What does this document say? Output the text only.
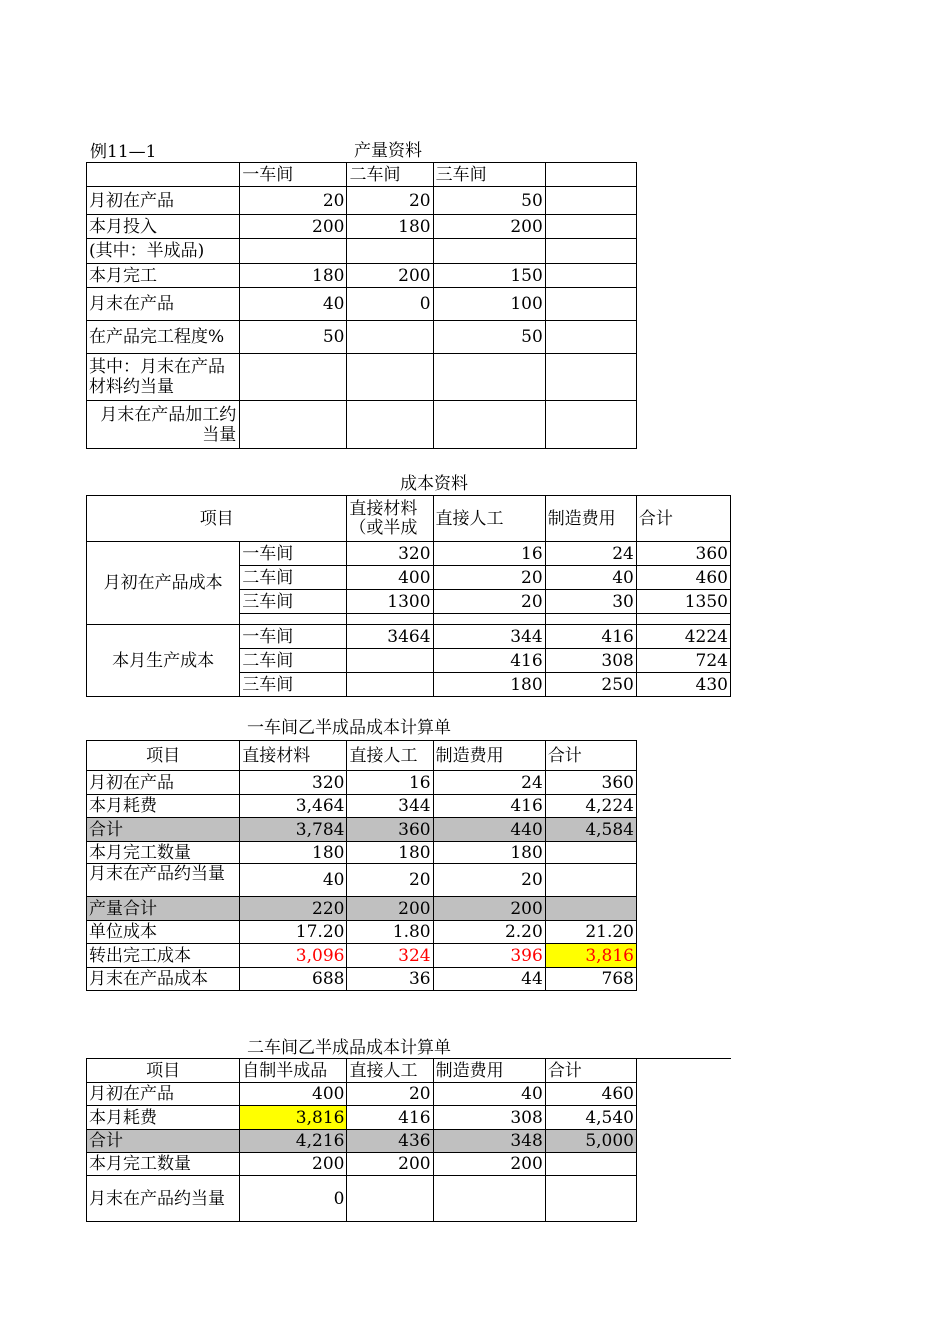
例11—1	产量资料
	一车间	二车间	三车间	
月初在产品	20	20	50	
本月投入	200	180	200	
(其中：半成品)				
本月完工	180	200	150	
月末在产品	40	0	100	
在产品完工程度%	50		50	
其中：月末在产品材料约当量				
月末在产品加工约当量				
成本资料
项目		直接材料（或半成	直接人工	制造费用	合计
月初在产品成本	一车间	320	16	24	360
	二车间	400	20	40	460
	三车间	1300	20	30	1350

本月生产成本	一车间	3464	344	416	4224
	二车间		416	308	724
	三车间		180	250	430
一车间乙半成品成本计算单
项目	直接材料	直接人工	制造费用	合计
月初在产品	320	16	24	360
本月耗费	3,464	344	416	4,224
合计	3,784	360	440	4,584
本月完工数量	180	180	180	
月末在产品约当量	40	20	20	
产量合计	220	200	200	
单位成本	17.20	1.80	2.20	21.20
转出完工成本	3,096	324	396	3,816
月末在产品成本	688	36	44	768
二车间乙半成品成本计算单
项目	自制半成品	直接人工	制造费用	合计
月初在产品	400	20	40	460
本月耗费	3,816	416	308	4,540
合计	4,216	436	348	5,000
本月完工数量	200	200	200	
月末在产品约当量	0			
